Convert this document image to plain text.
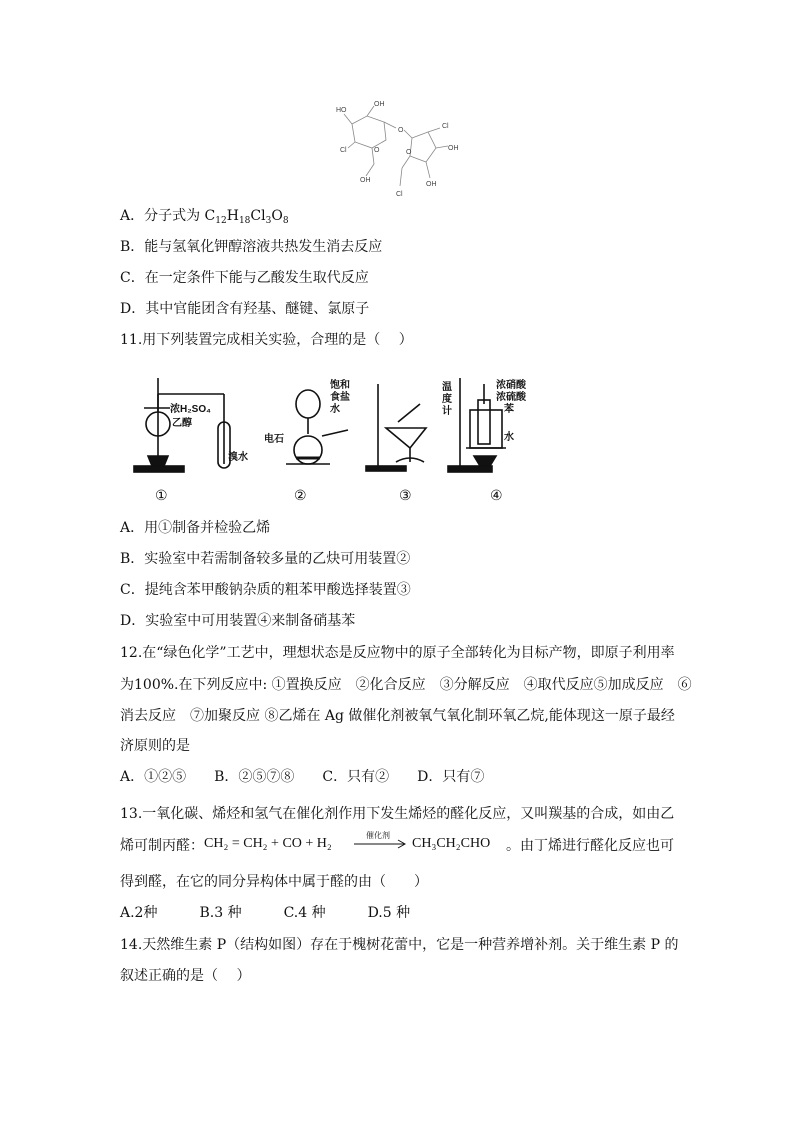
HO
OH
O
O
Cl
Cl
O
OH
OH
OH
Cl
A．分子式为 $C_{12}H_{18}Cl_3O_8$
B．能与氢氧化钾醇溶液共热发生消去反应
C．在一定条件下能与乙酸发生取代反应
D．其中官能团含有羟基、醚键、氯原子
11.用下列装置完成相关实验，合理的是（　 ）
浓H₂SO₄
乙醇
溴水
饱和
食盐
水
电石
温
度
计
浓硝酸
浓硫酸
苯
水
①	②	③	④
A．用①制备并检验乙烯
B．实验室中若需制备较多量的乙炔可用装置②
C．提纯含苯甲酸钠杂质的粗苯甲酸选择装置③
D．实验室中可用装置④来制备硝基苯
12.在“绿色化学”工艺中，理想状态是反应物中的原子全部转化为目标产物，即原子利用率
为100%.在下列反应中: ①置换反应　②化合反应　③分解反应　④取代反应⑤加成反应　⑥
消去反应　⑦加聚反应 ⑧乙烯在 Ag 做催化剂被氧气氧化制环氧乙烷,能体现这一原子最经
济原则的是
A．①②⑤　　B．②⑤⑦⑧　　C．只有②　　D．只有⑦
13.一氧化碳、烯烃和氢气在催化剂作用下发生烯烃的醛化反应，又叫羰基的合成，如由乙
烯可制丙醛： CH₂ = CH₂ + CO + H₂
催化剂
CH₃CH₂CHO 。由丁烯进行醛化反应也可
得到醛，在它的同分异构体中属于醛的由（　　）
A.2种　　　B.3 种　　　C.4 种　　　D.5 种
14.天然维生素 P（结构如图）存在于槐树花蕾中，它是一种营养增补剂。关于维生素 P 的
叙述正确的是（　 ）
